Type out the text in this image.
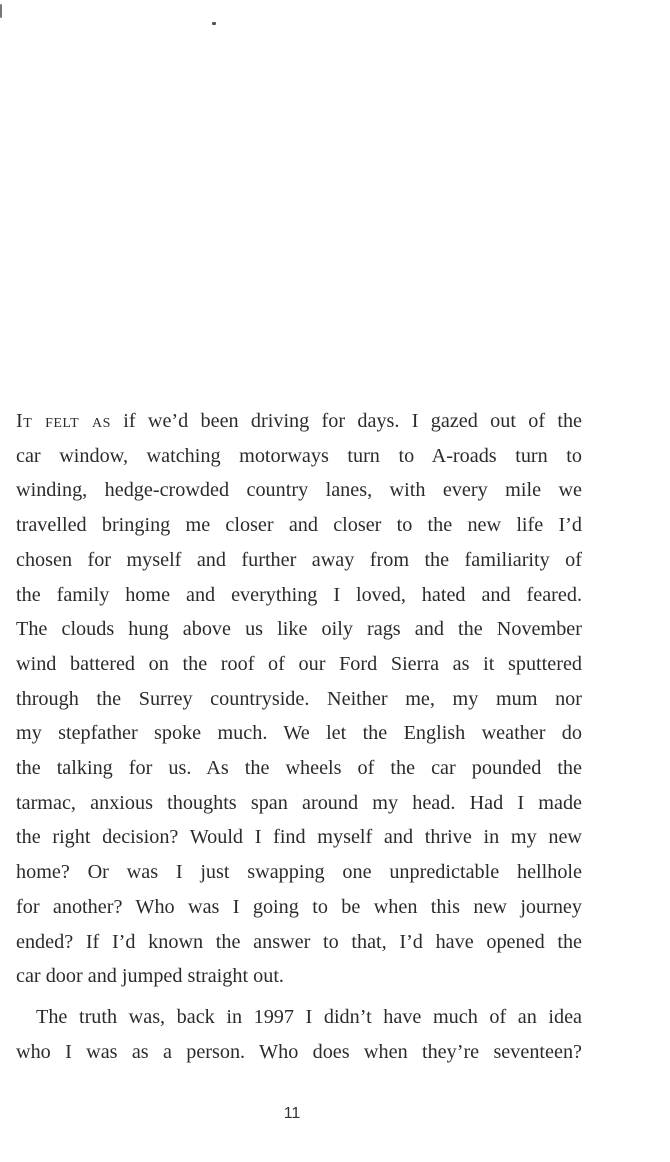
It felt as if we’d been driving for days. I gazed out of the
car window, watching motorways turn to A-roads turn to
winding, hedge-crowded country lanes, with every mile we
travelled bringing me closer and closer to the new life I’d
chosen for myself and further away from the familiarity of
the family home and everything I loved, hated and feared.
The clouds hung above us like oily rags and the November
wind battered on the roof of our Ford Sierra as it sputtered
through the Surrey countryside. Neither me, my mum nor
my stepfather spoke much. We let the English weather do
the talking for us. As the wheels of the car pounded the
tarmac, anxious thoughts span around my head. Had I made
the right decision? Would I find myself and thrive in my new
home? Or was I just swapping one unpredictable hellhole
for another? Who was I going to be when this new journey
ended? If I’d known the answer to that, I’d have opened the
car door and jumped straight out.
The truth was, back in 1997 I didn’t have much of an idea
who I was as a person. Who does when they’re seventeen?
11
